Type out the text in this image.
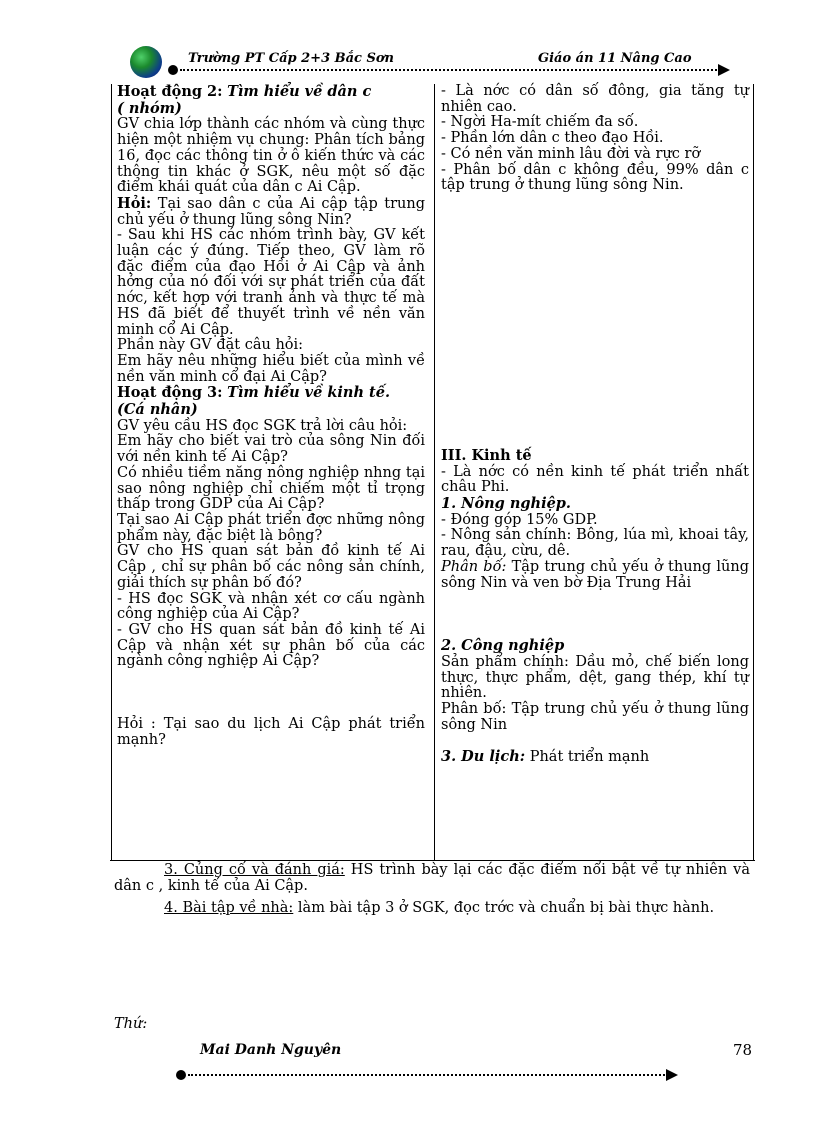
Trường PT Cấp 2+3 Bắc Sơn	Giáo án 11 Nâng Cao

Hoạt động 2: Tìm hiểu về dân c

( nhóm)

GV chia lớp thành các nhóm và cùng thực hiện một nhiệm vụ chung: Phân tích bảng 16, đọc các thông tin ở ô kiến thức và các thông tin khác ở SGK, nêu một số đặc điểm khái quát của dân c Ai Cập.

Hỏi: Tại sao dân c của Ai cập tập trung chủ yếu ở thung lũng sông Nin?

- Sau khi HS các nhóm trình bày, GV kết luận các ý đúng. Tiếp theo, GV làm rõ đặc điểm của đạo Hồi ở Ai Cập và ảnh hởng của nó đối với sự phát triển của đất nớc, kết hợp với tranh ảnh và thực tế mà HS đã biết để thuyết trình về nền văn minh cổ Ai Cập.

Phần này GV đặt câu hỏi:

Em hãy nêu những hiểu biết của mình về nền văn minh cổ đại Ai Cập?

Hoạt động 3: Tìm hiểu về kinh tế.

(Cá nhân)

GV yêu cầu HS đọc SGK trả lời câu hỏi:

Em hãy cho biết vai trò của sông Nin đối với nền kinh tế Ai Cập?

Có nhiều tiềm năng nông nghiệp nhng tại sao nông nghiệp chỉ chiếm một tỉ trọng thấp trong GDP của Ai Cập?

Tại sao Ai Cập phát triển đợc những nông phẩm này, đặc biệt là bông?

GV cho HS quan sát bản đồ kinh tế Ai Cập , chỉ sự phân bố các nông sản chính, giải thích sự phân bố đó?

- HS đọc SGK và nhận xét cơ cấu ngành công nghiệp của Ai Cập?

- GV cho HS quan sát bản đồ kinh tế Ai Cập và nhận xét sự phân bố của các ngành công nghiệp Ai Cập?

Hỏi : Tại sao du lịch Ai Cập phát triển mạnh?

- Là nớc có dân số đông, gia tăng tự nhiên cao.

- Ngời Ha-mít chiếm đa số.

- Phần lớn dân c theo đạo Hồi.

- Có nền văn minh lâu đời và rực rỡ

- Phân bố dân c không đều, 99% dân c tập trung ở thung lũng sông Nin.

III. Kinh tế

- Là nớc có nền kinh tế phát triển nhất châu Phi.

1. Nông nghiệp.

- Đóng góp 15% GDP.

- Nông sản chính: Bông, lúa mì, khoai tây, rau, đậu, cừu, dê.

Phân bố: Tập trung chủ yếu ở thung lũng sông Nin và ven bờ Địa Trung Hải

2. Công nghiệp

Sản phẩm chính: Dầu mỏ, chế biến long thực, thực phẩm, dệt, gang thép, khí tự nhiên.

Phân bố: Tập trung chủ yếu ở thung lũng sông Nin

3. Du lịch: Phát triển mạnh

3. Củng cố và đánh giá: HS trình bày lại các đặc điểm nổi bật về tự nhiên và dân c , kinh tế của Ai Cập.

4. Bài tập về nhà: làm bài tập 3 ở SGK, đọc trớc và chuẩn bị bài thực hành.

Thứ:
Mai Danh Nguyên	78
